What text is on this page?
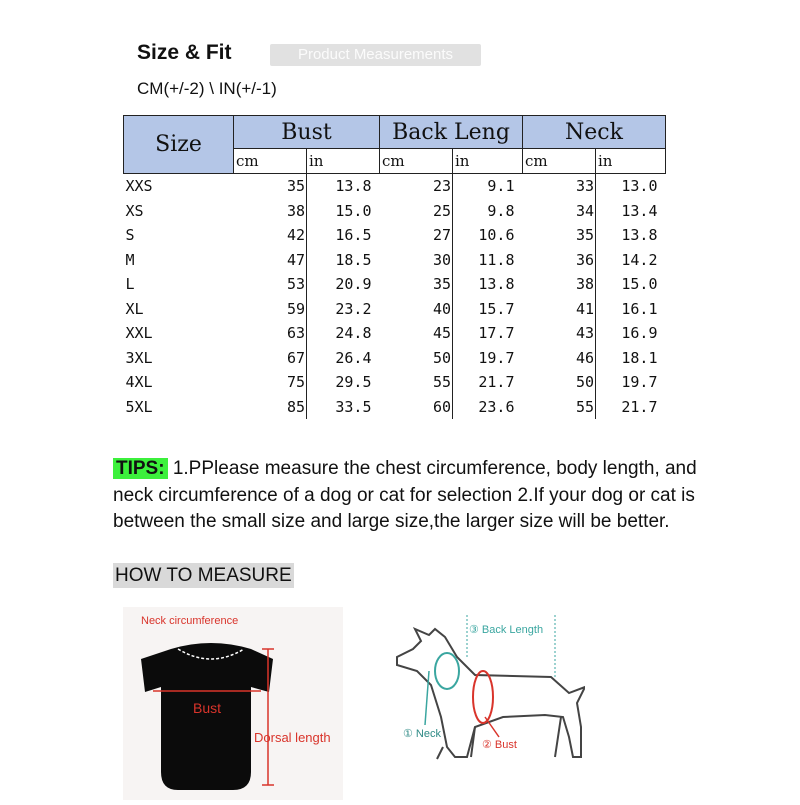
Size & Fit	Product Measurements
CM(+/-2) \ IN(+/-1)
Size	Bust		Back Leng		Neck	
	cm	in	cm	in	cm	in
XXS	35	13.8	23	9.1	33	13.0
XS	38	15.0	25	9.8	34	13.4
S	42	16.5	27	10.6	35	13.8
M	47	18.5	30	11.8	36	14.2
L	53	20.9	35	13.8	38	15.0
XL	59	23.2	40	15.7	41	16.1
XXL	63	24.8	45	17.7	43	16.9
3XL	67	26.4	50	19.7	46	18.1
4XL	75	29.5	55	21.7	50	19.7
5XL	85	33.5	60	23.6	55	21.7
TIPS: 1.PPlease measure the chest circumference, body length, and neck circumference of a dog or cat for selection 2.If your dog or cat is between the small size and large size,the larger size will be better.
HOW TO MEASURE
Neck circumference
Bust
Dorsal length
③ Back Length
① Neck
② Bust
